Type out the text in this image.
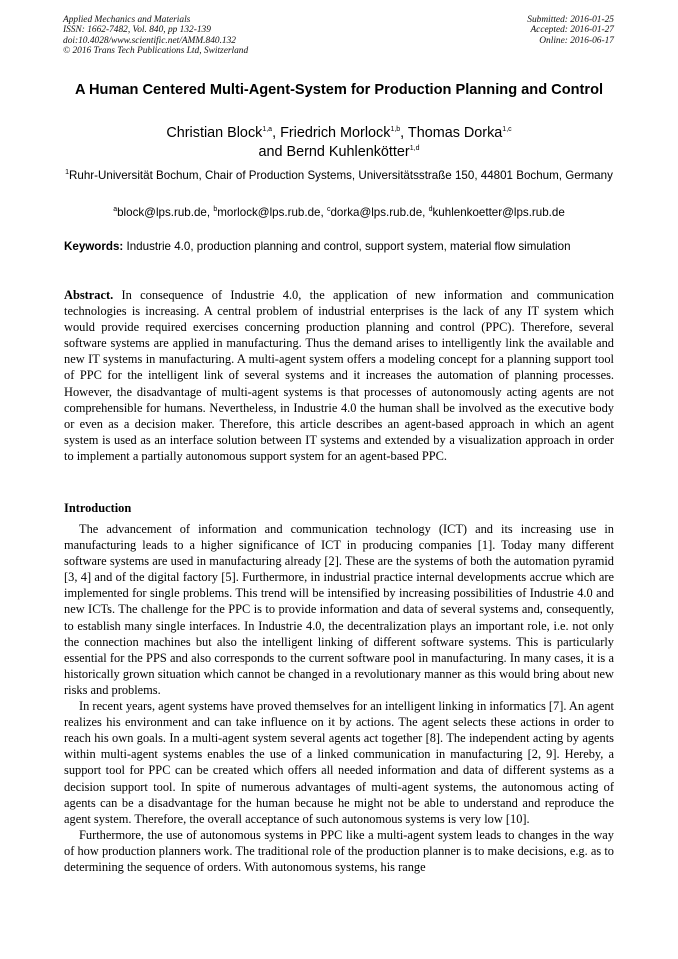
Applied Mechanics and Materials
ISSN: 1662-7482, Vol. 840, pp 132-139
doi:10.4028/www.scientific.net/AMM.840.132
© 2016 Trans Tech Publications Ltd, Switzerland
Submitted: 2016-01-25
Accepted: 2016-01-27
Online: 2016-06-17
A Human Centered Multi-Agent-System for Production Planning and Control
Christian Block$^{1,a}$, Friedrich Morlock$^{1,b}$, Thomas Dorka$^{1,c}$
and Bernd Kuhlenkötter$^{1,d}$
$^1$Ruhr-Universität Bochum, Chair of Production Systems, Universitätsstraße 150, 44801 Bochum, Germany
$^a$block@lps.rub.de, $^b$morlock@lps.rub.de, $^c$dorka@lps.rub.de, $^d$kuhlenkoetter@lps.rub.de
Keywords: Industrie 4.0, production planning and control, support system, material flow simulation
Abstract. In consequence of Industrie 4.0, the application of new information and communication technologies is increasing. A central problem of industrial enterprises is the lack of any IT system which would provide required exercises concerning production planning and control (PPC). Therefore, several software systems are applied in manufacturing. Thus the demand arises to intelligently link the available and new IT systems in manufacturing. A multi-agent system offers a modeling concept for a planning support tool of PPC for the intelligent link of several systems and it increases the automation of planning processes. However, the disadvantage of multi-agent systems is that processes of autonomously acting agents are not comprehensible for humans. Nevertheless, in Industrie 4.0 the human shall be involved as the executive body or even as a decision maker. Therefore, this article describes an agent-based approach in which an agent system is used as an interface solution between IT systems and extended by a visualization approach in order to implement a partially autonomous support system for an agent-based PPC.
Introduction

The advancement of information and communication technology (ICT) and its increasing use in manufacturing leads to a higher significance of ICT in producing companies [1]. Today many different software systems are used in manufacturing already [2]. These are the systems of both the automation pyramid [3, 4] and of the digital factory [5]. Furthermore, in industrial practice internal developments accrue which are implemented for single problems. This trend will be intensified by increasing possibilities of Industrie 4.0 and new ICTs. The challenge for the PPC is to provide information and data of several systems and, consequently, to establish many single interfaces. In Industrie 4.0, the decentralization plays an important role, i.e. not only the connection machines but also the intelligent linking of different software systems. This is particularly essential for the PPS and also corresponds to the current software pool in manufacturing. In many cases, it is a historically grown situation which cannot be changed in a revolutionary manner as this would bring about new risks and problems.

In recent years, agent systems have proved themselves for an intelligent linking in informatics [7]. An agent realizes his environment and can take influence on it by actions. The agent selects these actions in order to reach his own goals. In a multi-agent system several agents act together [8]. The independent acting by agents within multi-agent systems enables the use of a linked communication in manufacturing [2, 9]. Hereby, a support tool for PPC can be created which offers all needed information and data of different systems as a decision support tool. In spite of numerous advantages of multi-agent systems, the autonomous acting of agents can be a disadvantage for the human because he might not be able to understand and reproduce the agent system. Therefore, the overall acceptance of such autonomous systems is very low [10].

Furthermore, the use of autonomous systems in PPC like a multi-agent system leads to changes in the way of how production planners work. The traditional role of the production planner is to make decisions, e.g. as to determining the sequence of orders. With autonomous systems, his range
